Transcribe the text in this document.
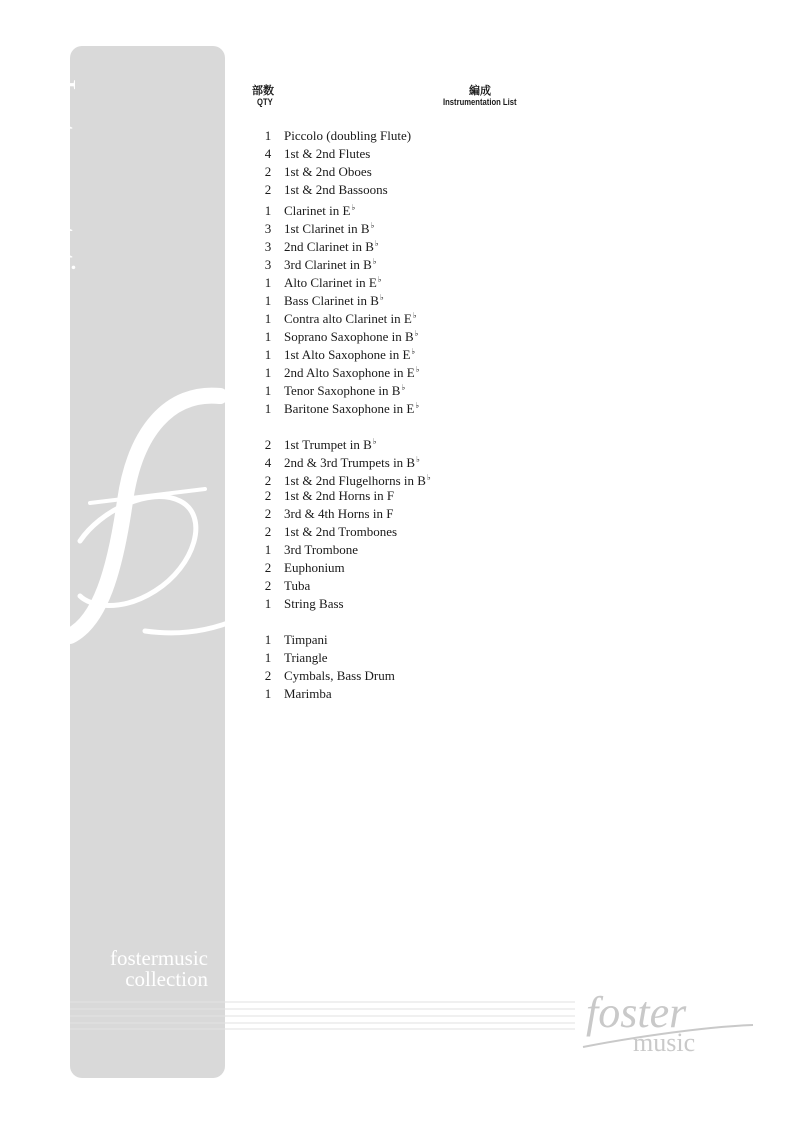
Instrumentation
fostermusic
collection
foster
music
部数
QTY
編成
Instrumentation List
1 Piccolo (doubling Flute)
4 1st & 2nd Flutes
2 1st & 2nd Oboes
2 1st & 2nd Bassoons
1 Clarinet in E♭
3 1st Clarinet in B♭
3 2nd Clarinet in B♭
3 3rd Clarinet in B♭
1 Alto Clarinet in E♭
1 Bass Clarinet in B♭
1 Contra alto Clarinet in E♭
1 Soprano Saxophone in B♭
1 1st Alto Saxophone in E♭
1 2nd Alto Saxophone in E♭
1 Tenor Saxophone in B♭
1 Baritone Saxophone in E♭
2 1st Trumpet in B♭
4 2nd & 3rd Trumpets in B♭
2 1st & 2nd Flugelhorns in B♭
2 1st & 2nd Horns in F
2 3rd & 4th Horns in F
2 1st & 2nd Trombones
1 3rd Trombone
2 Euphonium
2 Tuba
1 String Bass
1 Timpani
1 Triangle
2 Cymbals, Bass Drum
1 Marimba
